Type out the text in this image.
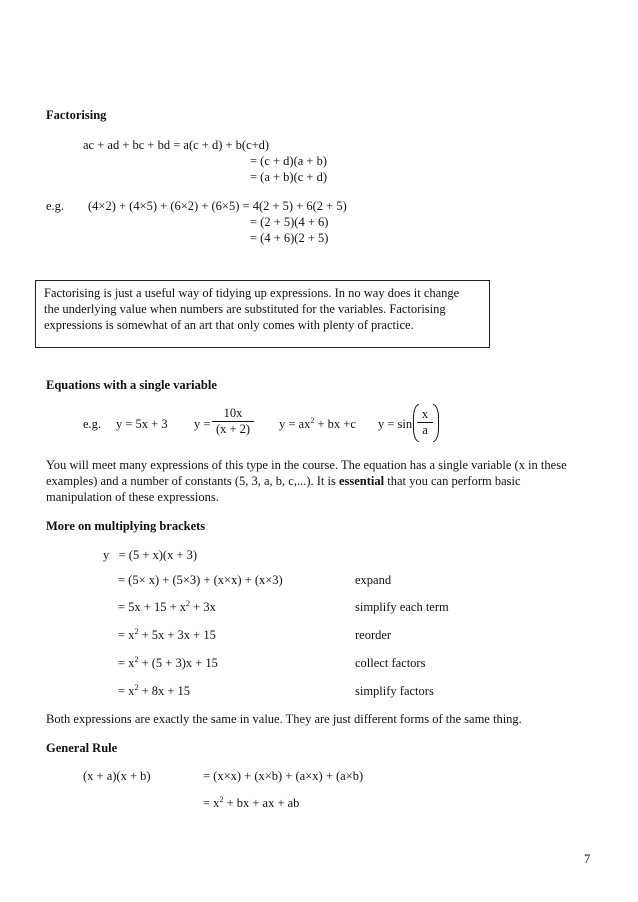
Factorising
ac + ad + bc + bd = a(c + d) + b(c+d)
= (c + d)(a + b)
= (a + b)(c + d)
e.g. (4×2) + (4×5) + (6×2) + (6×5) = 4(2 + 5) + 6(2 + 5)
= (2 + 5)(4 + 6)
= (4 + 6)(2 + 5)
Factorising is just a useful way of tidying up expressions. In no way does it change
the underlying value when numbers are substituted for the variables. Factorising
expressions is somewhat of an art that only comes with plenty of practice.
Equations with a single variable
e.g. y = 5x + 3 $y = \frac{10x}{(x + 2)}$ $y = ax^2$ + bx +c $y = \sin \frac{x}{a}$
You will meet many expressions of this type in the course. The equation has a single variable (x in these
examples) and a number of constants (5, 3, a, b, c,...). It is essential that you can perform basic
manipulation of these expressions.
More on multiplying brackets
y   = (5 + x)(x + 3)
= (5× x) + (5×3) + (x×x) + (x×3)	expand
= $5x + 15 + x^2 + 3x$	simplify each term
= $x^2 + 5x + 3x + 15$	reorder
= $x^2 + (5 + 3)x + 15$	collect factors
= $x^2 + 8x + 15$	simplify factors
Both expressions are exactly the same in value. They are just different forms of the same thing.
General Rule
(x + a)(x + b)	= (x×x) + (x×b) + (a×x) + (a×b)
= $x^2$ + bx + ax + ab
7
